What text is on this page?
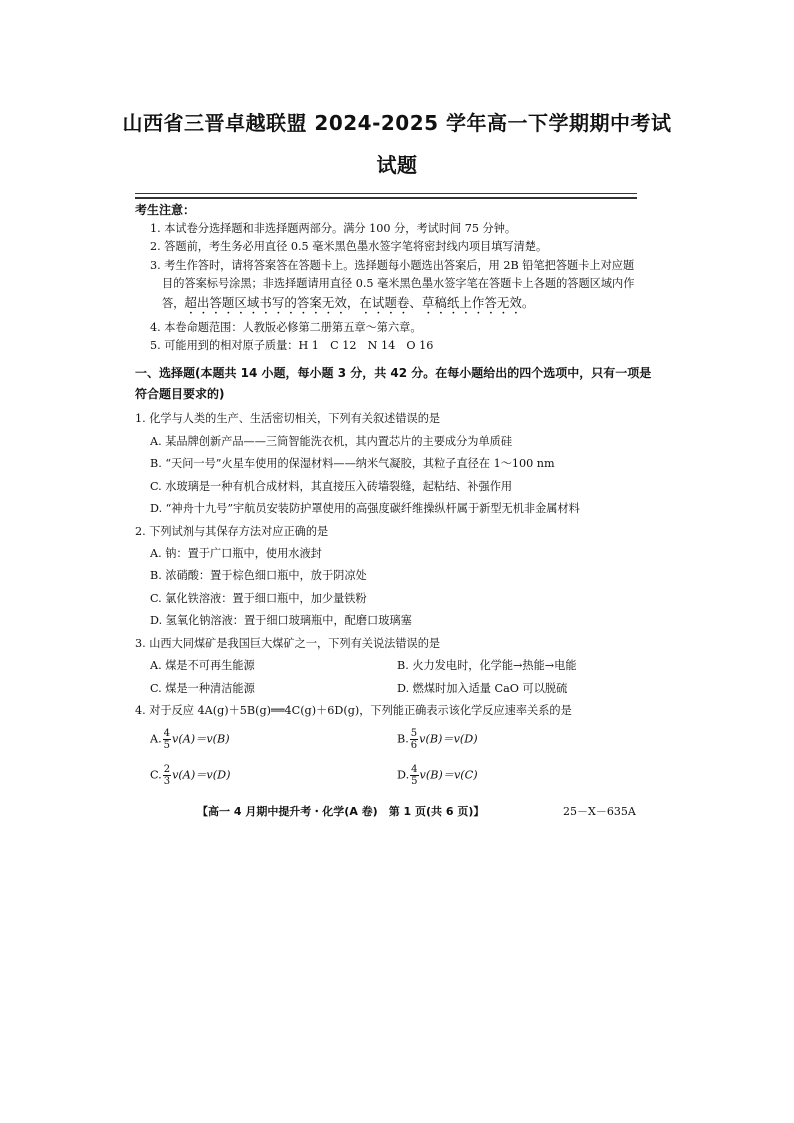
山西省三晋卓越联盟 2024-2025 学年高一下学期期中考试
试题
考生注意：

1. 本试卷分选择题和非选择题两部分。满分 100 分，考试时间 75 分钟。

2. 答题前，考生务必用直径 0.5 毫米黑色墨水签字笔将密封线内项目填写清楚。

3. 考生作答时，请将答案答在答题卡上。选择题每小题选出答案后，用 2B 铅笔把答题卡上对应题目的答案标号涂黑；非选择题请用直径 0.5 毫米黑色墨水签字笔在答题卡上各题的答题区域内作答，超出答题区域书写的答案无效，在试题卷、草稿纸上作答无效。

4. 本卷命题范围：人教版必修第二册第五章～第六章。

5. 可能用到的相对原子质量：H 1　C 12　N 14　O 16

一、选择题(本题共 14 小题，每小题 3 分，共 42 分。在每小题给出的四个选项中，只有一项是符合题目要求的)
1. 化学与人类的生产、生活密切相关，下列有关叙述错误的是
A. 某品牌创新产品——三筒智能洗衣机，其内置芯片的主要成分为单质硅
B. “天问一号”火星车使用的保湿材料——纳米气凝胶，其粒子直径在 1～100 nm
C. 水玻璃是一种有机合成材料，其直接压入砖墙裂缝，起粘结、补强作用
D. “神舟十九号”宇航员安装防护罩使用的高强度碳纤维操纵杆属于新型无机非金属材料
2. 下列试剂与其保存方法对应正确的是
A. 钠：置于广口瓶中，使用水液封
B. 浓硝酸：置于棕色细口瓶中，放于阴凉处
C. 氯化铁溶液：置于细口瓶中，加少量铁粉
D. 氢氧化钠溶液：置于细口玻璃瓶中，配磨口玻璃塞
3. 山西大同煤矿是我国巨大煤矿之一，下列有关说法错误的是
A. 煤是不可再生能源	B. 火力发电时，化学能→热能→电能
C. 煤是一种清洁能源	D. 燃煤时加入适量 CaO 可以脱硫
4. 对于反应 4A(g)＋5B(g)══4C(g)＋6D(g)，下列能正确表示该化学反应速率关系的是
A. $\frac{4}{5} v(A)=v(B)$	B. $\frac{5}{6} v(B)=v(D)$
C. $\frac{2}{3} v(A)=v(D)$	D. $\frac{4}{5} v(B)=v(C)$
【高一 4 月期中提升考・化学(A 卷)　第 1 页(共 6 页)】	25－X－635A
